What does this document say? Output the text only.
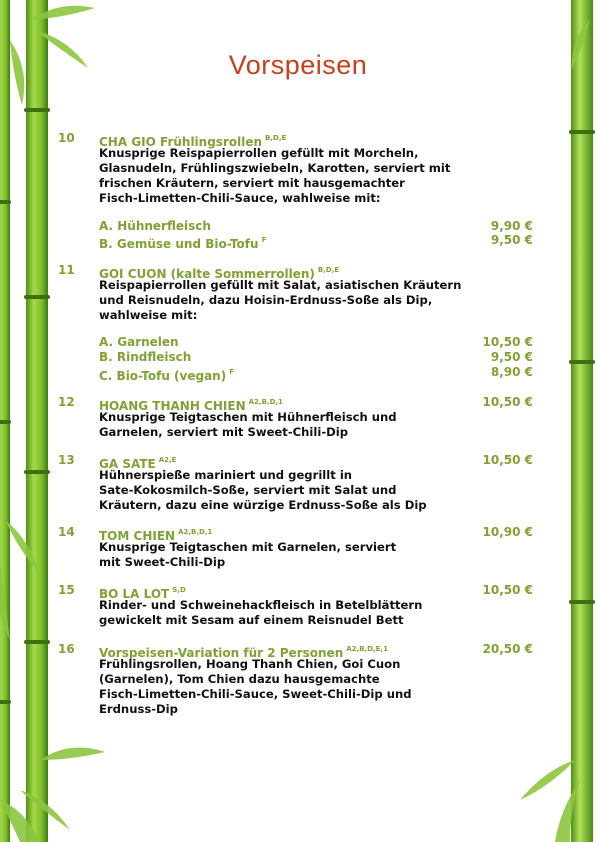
Vorspeisen
10 CHA GIO Frühlingsrollen $^{B,D,E}$

Knusprige Reispapierrollen gefüllt mit Morcheln,
Glasnudeln, Frühlingszwiebeln, Karotten, serviert mit
frischen Kräutern, serviert mit hausgemachter
Fisch-Limetten-Chili-Sauce, wahlweise mit:

A. Hühnerfleisch	9,90 €
B. Gemüse und Bio-Tofu $^F$	9,50 €
11 GOI CUON (kalte Sommerrollen) $^{B,D,E}$

Reispapierrollen gefüllt mit Salat, asiatischen Kräutern
und Reisnudeln, dazu Hoisin-Erdnuss-Soße als Dip,
wahlweise mit:

A. Garnelen	10,50 €
B. Rindfleisch	9,50 €
C. Bio-Tofu (vegan) $^F$	8,90 €
12 HOANG THANH CHIEN $^{A2,B,D,1}$	10,50 €

Knusprige Teigtaschen mit Hühnerfleisch und
Garnelen, serviert mit Sweet-Chili-Dip

13 GA SATE $^{A2,E}$	10,50 €

Hühnerspieße mariniert und gegrillt in
Sate-Kokosmilch-Soße, serviert mit Salat und
Kräutern, dazu eine würzige Erdnuss-Soße als Dip

14 TOM CHIEN $^{A2,B,D,1}$	10,90 €

Knusprige Teigtaschen mit Garnelen, serviert
mit Sweet-Chili-Dip

15 BO LA LOT $^{S,D}$	10,50 €

Rinder- und Schweinehackfleisch in Betelblättern
gewickelt mit Sesam auf einem Reisnudel Bett

16 Vorspeisen-Variation für 2 Personen $^{A2,B,D,E,1}$	20,50 €

Frühlingsrollen, Hoang Thanh Chien, Goi Cuon
(Garnelen), Tom Chien dazu hausgemachte
Fisch-Limetten-Chili-Sauce, Sweet-Chili-Dip und
Erdnuss-Dip
